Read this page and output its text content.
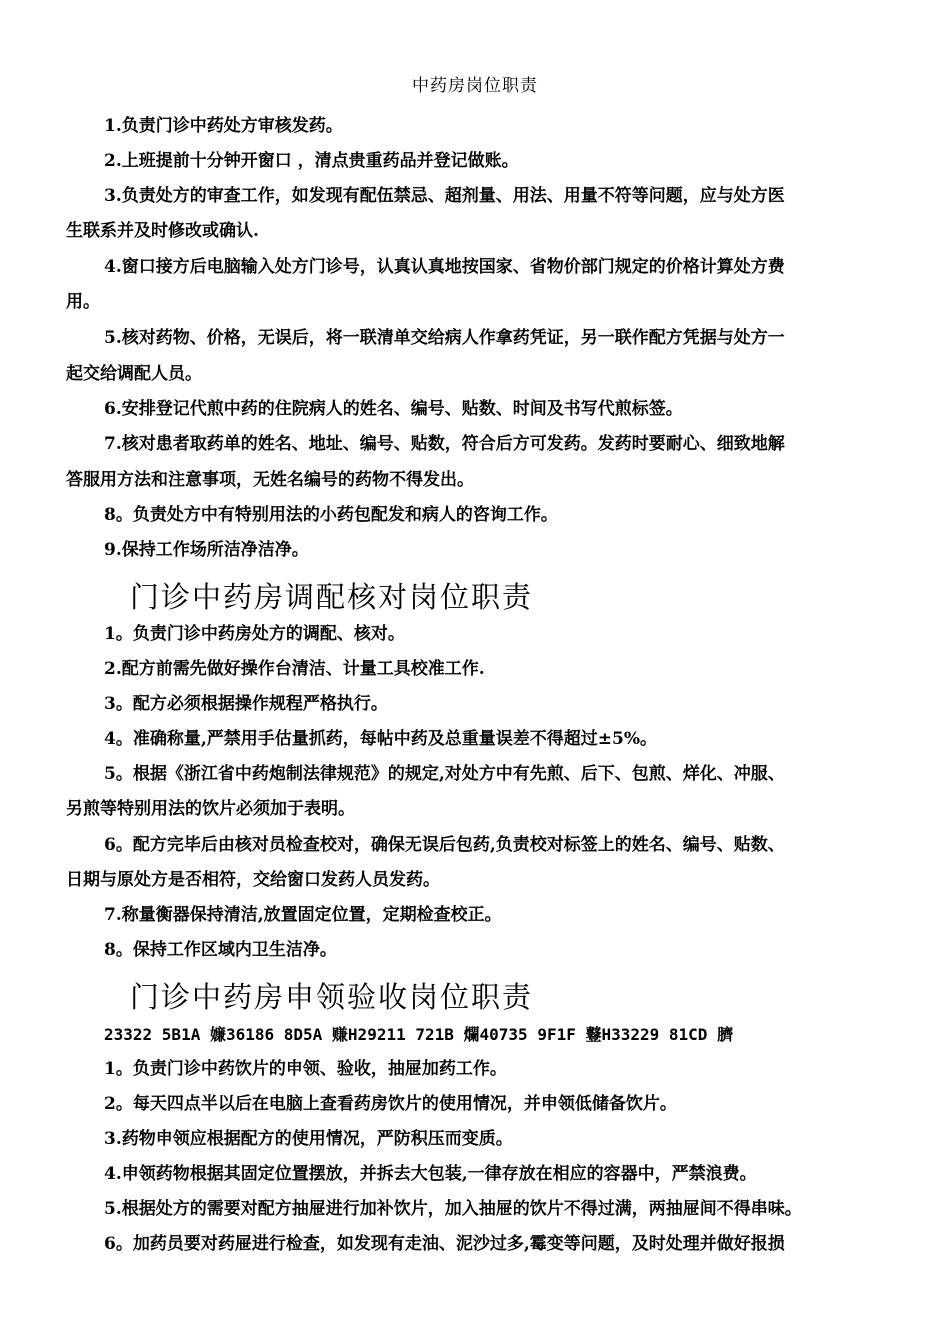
中药房岗位职责
1.负责门诊中药处方审核发药。
2.上班提前十分钟开窗口 ，清点贵重药品并登记做账。
3.负责处方的审查工作，如发现有配伍禁忌、超剂量、用法、用量不符等问题，应与处方医
生联系并及时修改或确认.
4.窗口接方后电脑输入处方门诊号，认真认真地按国家、省物价部门规定的价格计算处方费
用。
5.核对药物、价格，无误后，将一联清单交给病人作拿药凭证，另一联作配方凭据与处方一
起交给调配人员。
6.安排登记代煎中药的住院病人的姓名、编号、贴数、时间及书写代煎标签。
7.核对患者取药单的姓名、地址、编号、贴数，符合后方可发药。发药时要耐心、细致地解
答服用方法和注意事项，无姓名编号的药物不得发出。
8。负责处方中有特别用法的小药包配发和病人的咨询工作。
9.保持工作场所洁净洁净。
门诊中药房调配核对岗位职责
1。负责门诊中药房处方的调配、核对。
2.配方前需先做好操作台清洁、计量工具校准工作.
3。配方必须根据操作规程严格执行。
4。准确称量,严禁用手估量抓药，每帖中药及总重量误差不得超过±5%。
5。根据《浙江省中药炮制法律规范》的规定,对处方中有先煎、后下、包煎、烊化、冲服、
另煎等特别用法的饮片必须加于表明。
6。配方完毕后由核对员检查校对，确保无误后包药,负责校对标签上的姓名、编号、贴数、
日期与原处方是否相符，交给窗口发药人员发药。
7.称量衡器保持清洁,放置固定位置，定期检查校正。
8。保持工作区域内卫生洁净。
门诊中药房申领验收岗位职责
23322 5B1A 嬚36186 8D5A 赚H29211 721B 爛40735 9F1F 鼟H33229 81CD 臍
1。负责门诊中药饮片的申领、验收，抽屉加药工作。
2。每天四点半以后在电脑上查看药房饮片的使用情况，并申领低储备饮片。
3.药物申领应根据配方的使用情况，严防积压而变质。
4.申领药物根据其固定位置摆放，并拆去大包装,一律存放在相应的容器中，严禁浪费。
5.根据处方的需要对配方抽屉进行加补饮片，加入抽屉的饮片不得过满，两抽屉间不得串味。
6。加药员要对药屉进行检查，如发现有走油、泥沙过多,霉变等问题，及时处理并做好报损
